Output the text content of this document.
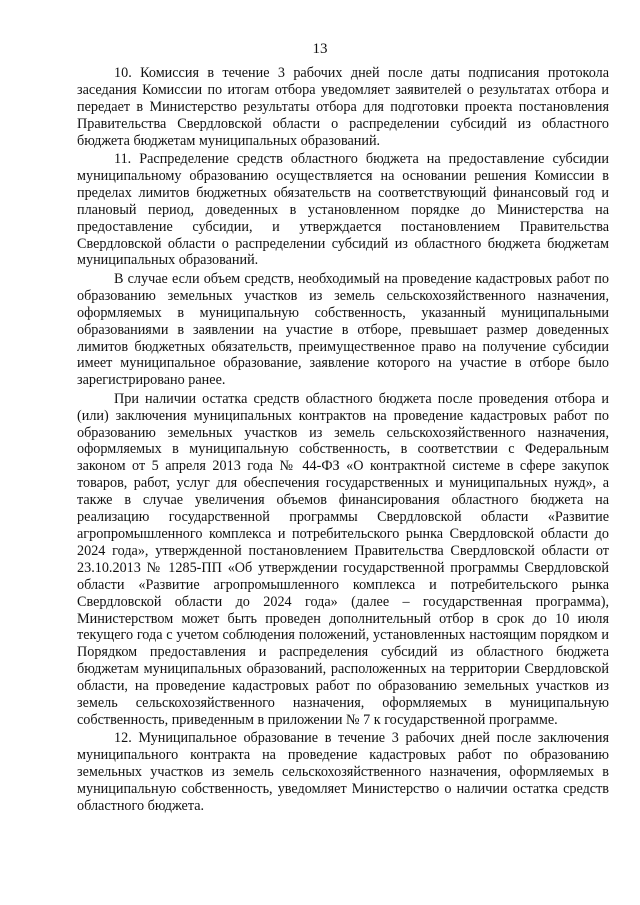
13

10. Комиссия в течение 3 рабочих дней после даты подписания протокола заседания Комиссии по итогам отбора уведомляет заявителей о результатах отбора и передает в Министерство результаты отбора для подготовки проекта постановления Правительства Свердловской области о распределении субсидий из областного бюджета бюджетам муниципальных образований.

11. Распределение средств областного бюджета на предоставление субсидии муниципальному образованию осуществляется на основании решения Комиссии в пределах лимитов бюджетных обязательств на соответствующий финансовый год и плановый период, доведенных в установленном порядке до Министерства на предоставление субсидии, и утверждается постановлением Правительства Свердловской области о распределении субсидий из областного бюджета бюджетам муниципальных образований.

В случае если объем средств, необходимый на проведение кадастровых работ по образованию земельных участков из земель сельскохозяйственного назначения, оформляемых в муниципальную собственность, указанный муниципальными образованиями в заявлении на участие в отборе, превышает размер доведенных лимитов бюджетных обязательств, преимущественное право на получение субсидии имеет муниципальное образование, заявление которого на участие в отборе было зарегистрировано ранее.

При наличии остатка средств областного бюджета после проведения отбора и (или) заключения муниципальных контрактов на проведение кадастровых работ по образованию земельных участков из земель сельскохозяйственного назначения, оформляемых в муниципальную собственность, в соответствии с Федеральным законом от 5 апреля 2013 года № 44-ФЗ «О контрактной системе в сфере закупок товаров, работ, услуг для обеспечения государственных и муниципальных нужд», а также в случае увеличения объемов финансирования областного бюджета на реализацию государственной программы Свердловской области «Развитие агропромышленного комплекса и потребительского рынка Свердловской области до 2024 года», утвержденной постановлением Правительства Свердловской области от 23.10.2013 № 1285-ПП «Об утверждении государственной программы Свердловской области «Развитие агропромышленного комплекса и потребительского рынка Свердловской области до 2024 года» (далее – государственная программа), Министерством может быть проведен дополнительный отбор в срок до 10 июля текущего года с учетом соблюдения положений, установленных настоящим порядком и Порядком предоставления и распределения субсидий из областного бюджета бюджетам муниципальных образований, расположенных на территории Свердловской области, на проведение кадастровых работ по образованию земельных участков из земель сельскохозяйственного назначения, оформляемых в муниципальную собственность, приведенным в приложении № 7 к государственной программе.

12. Муниципальное образование в течение 3 рабочих дней после заключения муниципального контракта на проведение кадастровых работ по образованию земельных участков из земель сельскохозяйственного назначения, оформляемых в муниципальную собственность, уведомляет Министерство о наличии остатка средств областного бюджета.
